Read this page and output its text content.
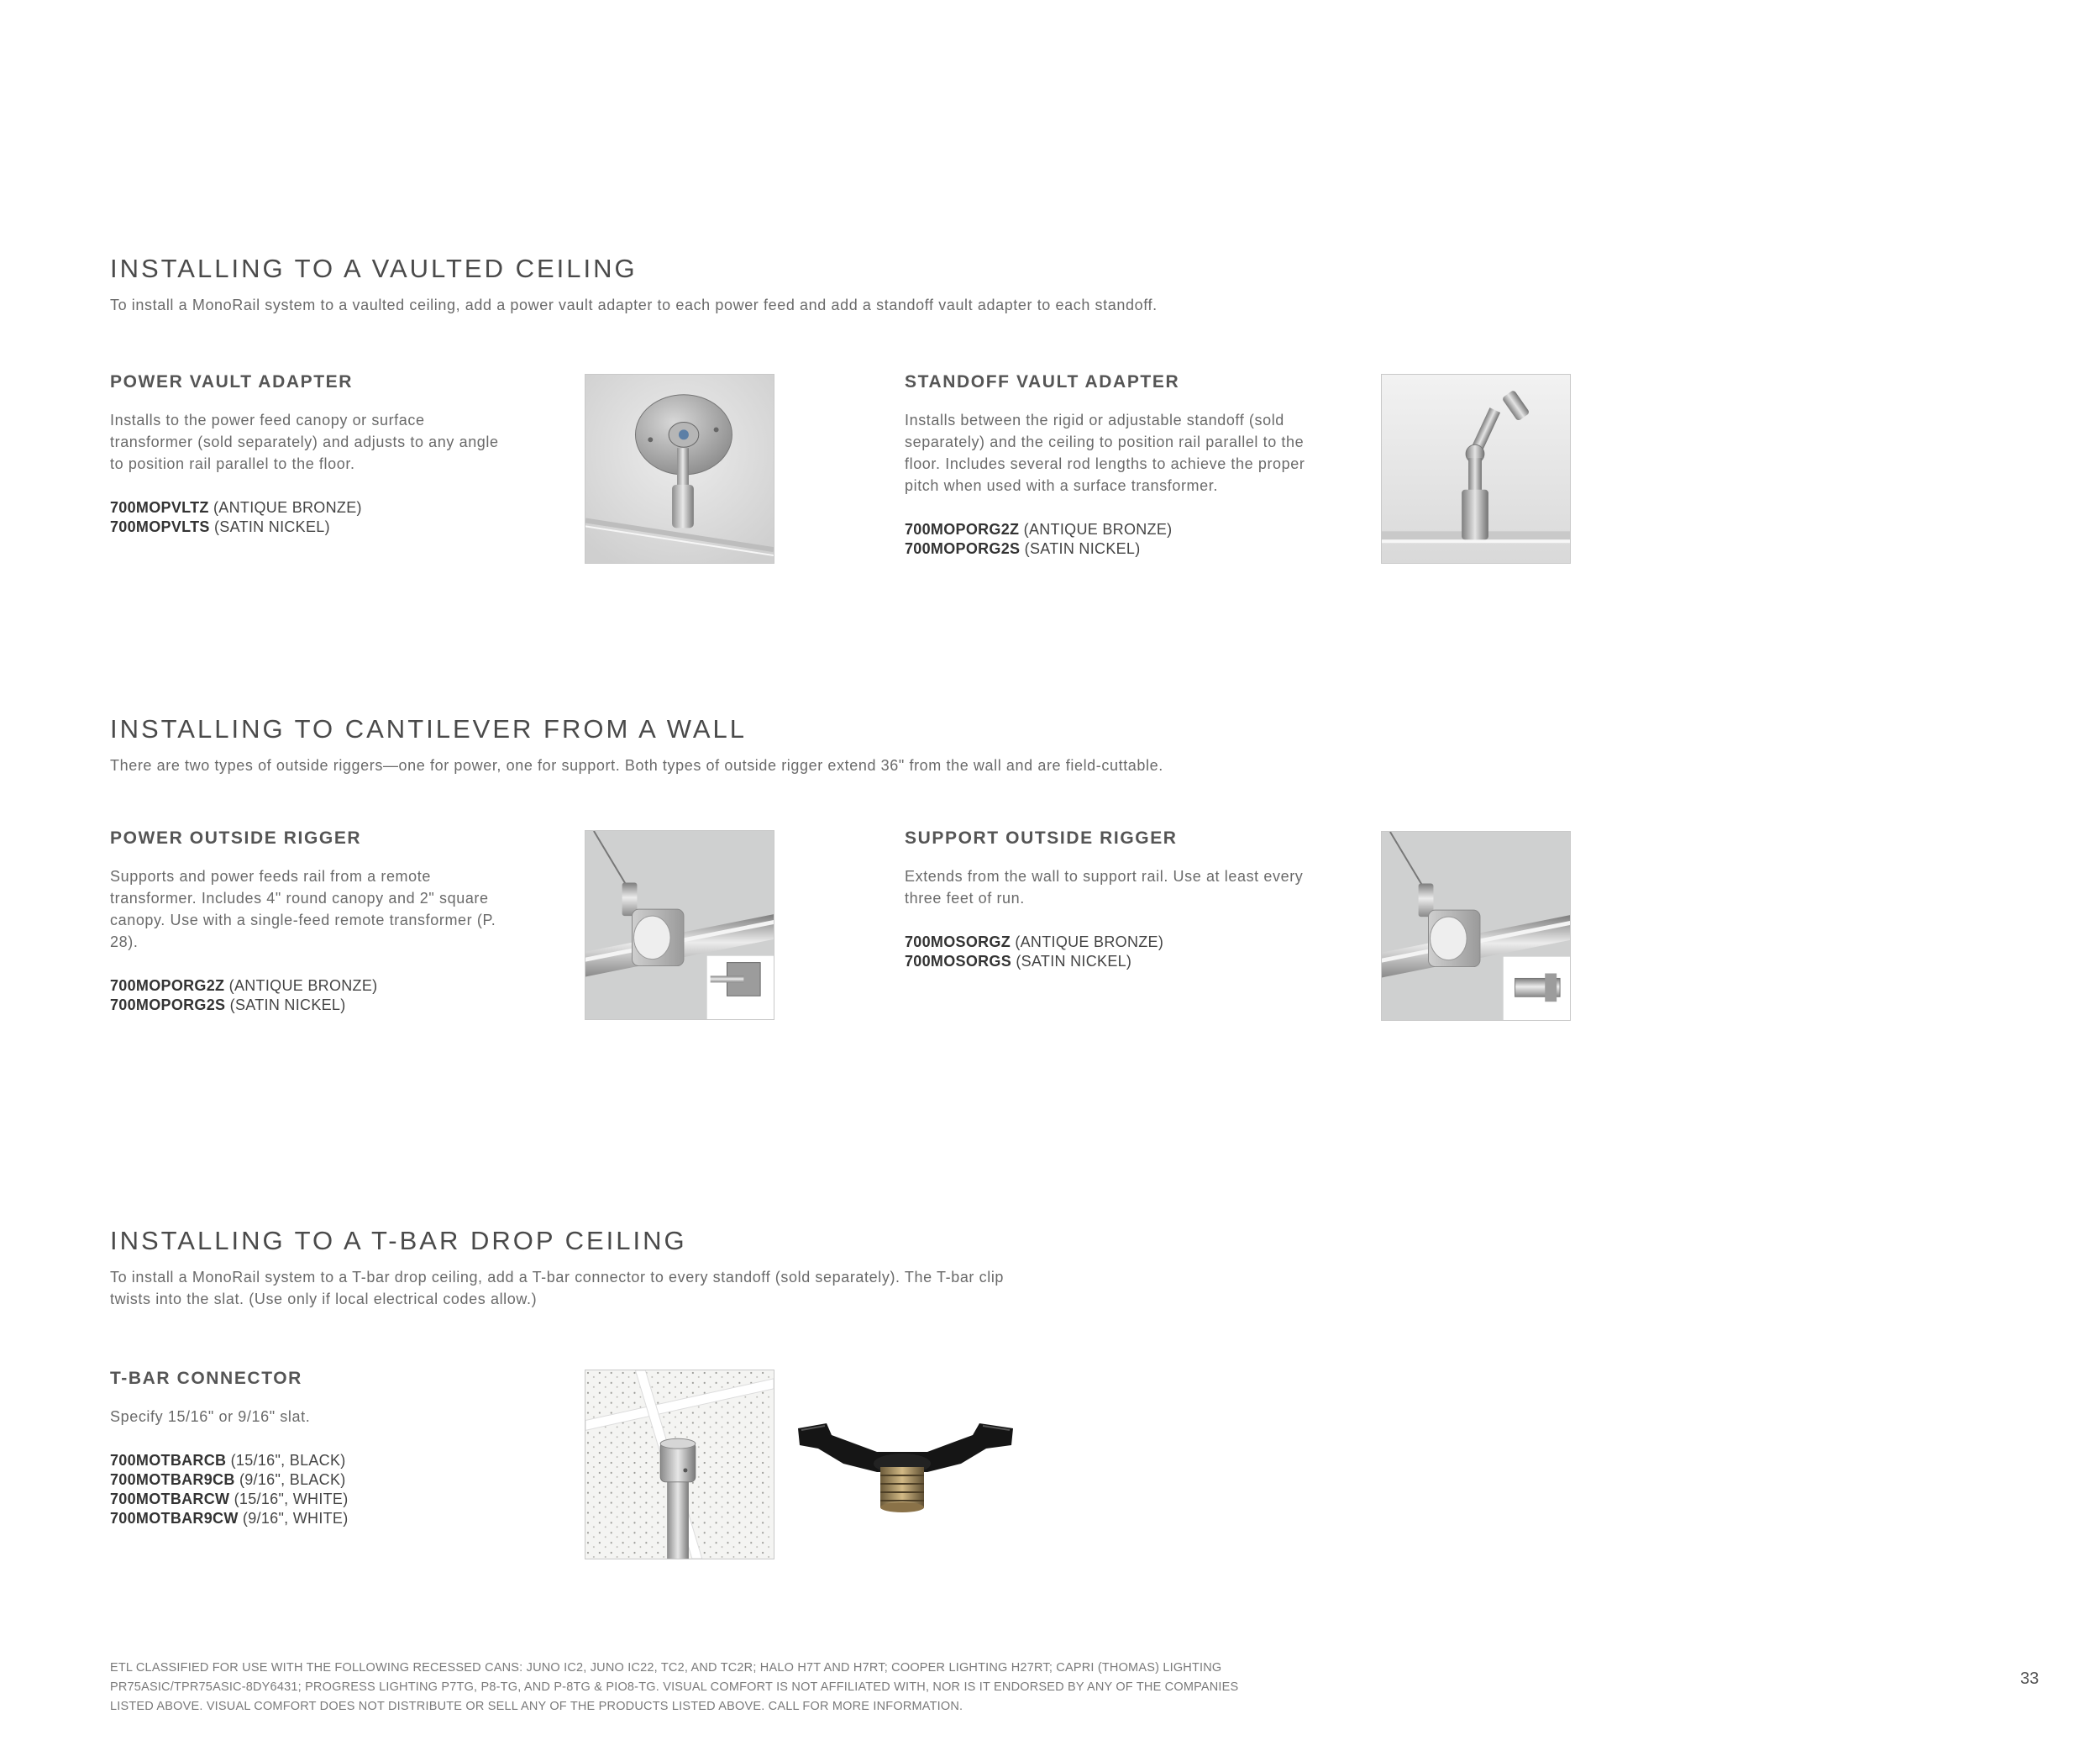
INSTALLING TO A VAULTED CEILING

To install a MonoRail system to a vaulted ceiling, add a power vault adapter to each power feed and add a standoff vault adapter to each standoff.

POWER VAULT ADAPTER

Installs to the power feed canopy or surface transformer (sold separately) and adjusts to any angle to position rail parallel to the floor.

700MOPVLTZ (ANTIQUE BRONZE)
700MOPVLTS (SATIN NICKEL)
STANDOFF VAULT ADAPTER

Installs between the rigid or adjustable standoff (sold separately) and the ceiling to position rail parallel to the floor. Includes several rod lengths to achieve the proper pitch when used with a surface transformer.

700MOPORG2Z (ANTIQUE BRONZE)
700MOPORG2S (SATIN NICKEL)
INSTALLING TO CANTILEVER FROM A WALL

There are two types of outside riggers—one for power, one for support. Both types of outside rigger extend 36" from the wall and are field-cuttable.

POWER OUTSIDE RIGGER

Supports and power feeds rail from a remote transformer. Includes 4" round canopy and 2" square canopy. Use with a single-feed remote transformer (P. 28).

700MOPORG2Z (ANTIQUE BRONZE)
700MOPORG2S (SATIN NICKEL)
SUPPORT OUTSIDE RIGGER

Extends from the wall to support rail. Use at least every three feet of run.

700MOSORGZ (ANTIQUE BRONZE)
700MOSORGS (SATIN NICKEL)
INSTALLING TO A T-BAR DROP CEILING

To install a MonoRail system to a T-bar drop ceiling, add a T-bar connector to every standoff (sold separately). The T-bar clip twists into the slat. (Use only if local electrical codes allow.)

T-BAR CONNECTOR

Specify 15/16" or 9/16" slat.

700MOTBARCB (15/16", BLACK)
700MOTBAR9CB (9/16", BLACK)
700MOTBARCW (15/16", WHITE)
700MOTBAR9CW (9/16", WHITE)

ETL CLASSIFIED FOR USE WITH THE FOLLOWING RECESSED CANS: JUNO IC2, JUNO IC22, TC2, AND TC2R; HALO H7T AND H7RT; COOPER LIGHTING H27RT; CAPRI (THOMAS) LIGHTING PR75ASIC/TPR75ASIC-8DY6431; PROGRESS LIGHTING P7TG, P8-TG, AND P-8TG & PIO8-TG. VISUAL COMFORT IS NOT AFFILIATED WITH, NOR IS IT ENDORSED BY ANY OF THE COMPANIES LISTED ABOVE. VISUAL COMFORT DOES NOT DISTRIBUTE OR SELL ANY OF THE PRODUCTS LISTED ABOVE. CALL FOR MORE INFORMATION.

33
